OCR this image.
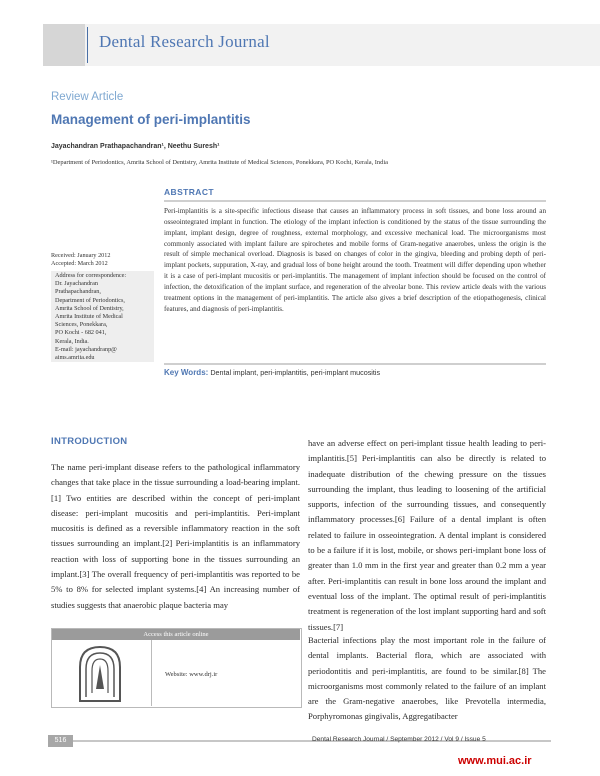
Dental Research Journal
Review Article
Management of peri-implantitis
Jayachandran Prathapachandran¹, Neethu Suresh¹
¹Department of Periodontics, Amrita School of Dentistry, Amrita Institute of Medical Sciences, Ponekkara, PO Kochi, Kerala, India
Received: January 2012
Accepted: March 2012
Address for correspondence:
Dr. Jayachandran
Prathapachandran,
Department of Periodontics,
Amrita School of Dentistry,
Amrita Institute of Medical
Sciences, Ponekkara,
PO Kochi - 682 041,
Kerala, India.
E-mail: jayachandranp@
aims.amrita.edu
ABSTRACT
Peri-implantitis is a site-specific infectious disease that causes an inflammatory process in soft tissues, and bone loss around an osseointegrated implant in function. The etiology of the implant infection is conditioned by the status of the tissue surrounding the implant, implant design, degree of roughness, external morphology, and excessive mechanical load. The microorganisms most commonly associated with implant failure are spirochetes and mobile forms of Gram-negative anaerobes, unless the origin is the result of simple mechanical overload. Diagnosis is based on changes of color in the gingiva, bleeding and probing depth of peri-implant pockets, suppuration, X-ray, and gradual loss of bone height around the tooth. Treatment will differ depending upon whether it is a case of peri-implant mucositis or peri-implantitis. The management of implant infection should be focused on the control of infection, the detoxification of the implant surface, and regeneration of the alveolar bone. This review article deals with the various treatment options in the management of peri-implantitis. The article also gives a brief description of the etiopathogenesis, clinical features, and diagnosis of peri-implantitis.
Key Words: Dental implant, peri-implantitis, peri-implant mucositis
INTRODUCTION

The name peri-implant disease refers to the pathological inflammatory changes that take place in the tissue surrounding a load-bearing implant.[1] Two entities are described within the concept of peri-implant disease: peri-implant mucositis and peri-implantitis. Peri-implant mucositis is defined as a reversible inflammatory reaction in the soft tissues surrounding an implant.[2] Peri-implantitis is an inflammatory reaction with loss of supporting bone in the tissues surrounding an implant.[3] The overall frequency of peri-implantitis was reported to be 5% to 8% for selected implant systems.[4] An increasing number of studies suggests that anaerobic plaque bacteria may

have an adverse effect on peri-implant tissue health leading to peri-implantitis.[5] Peri-implantitis can also be directly is related to inadequate distribution of the chewing pressure on the tissues surrounding the implant, thus leading to loosening of the artificial supports, infection of the surrounding tissues, and consequently inflammatory processes.[6] Failure of a dental implant is often related to failure in osseointegration. A dental implant is considered to be a failure if it is lost, mobile, or shows peri-implant bone loss of greater than 1.0 mm in the first year and greater than 0.2 mm a year after. Peri-implantitis can result in bone loss around the implant and eventual loss of the implant. The optimal result of peri-implantitis treatment is regeneration of the lost implant supporting hard and soft tissues.[7]

Bacterial infections play the most important role in the failure of dental implants. Bacterial flora, which are associated with periodontitis and peri-implantitis, are found to be similar.[8] The microorganisms most commonly related to the failure of an implant are the Gram-negative anaerobes, like Prevotella intermedia, Porphyromonas gingivalis, Aggregatibacter

Access this article online
Website: www.drj.ir
516	Dental Research Journal / September 2012 / Vol 9 / Issue 5
www.mui.ac.ir
